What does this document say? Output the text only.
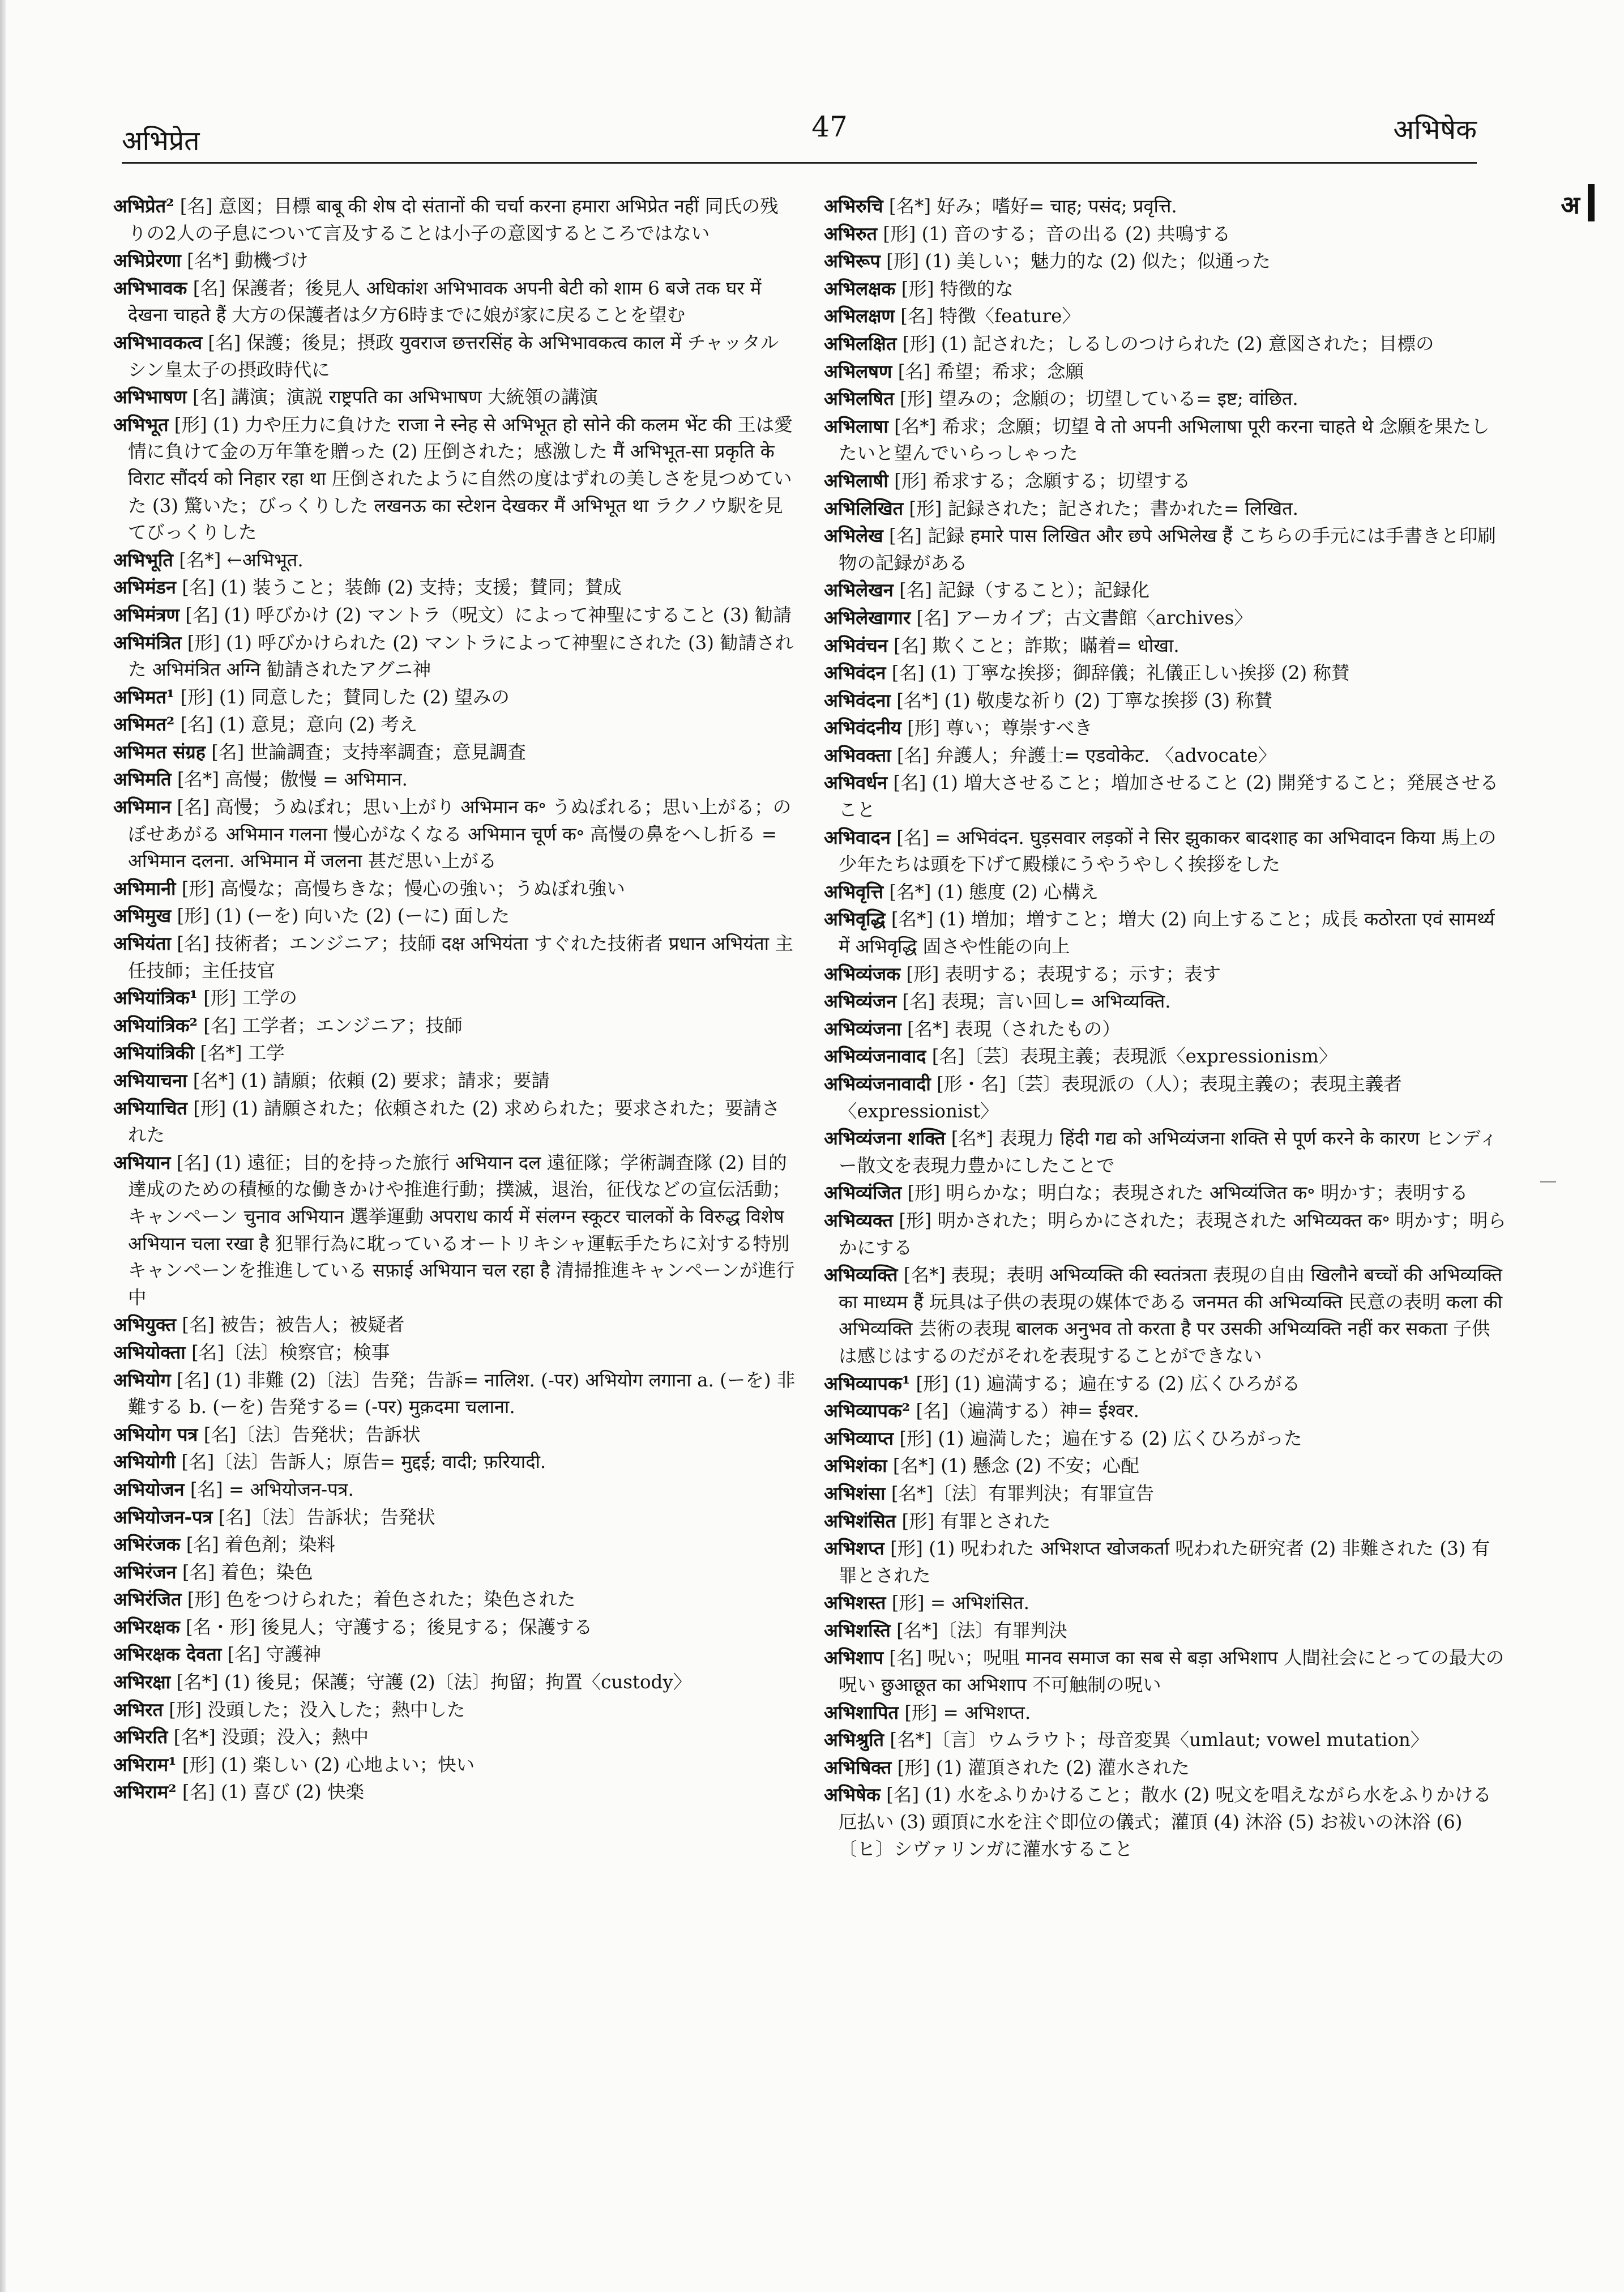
अभिप्रेत	47	अभिषेक
अ

अभिप्रेत² [名] 意図；目標 बाबू की शेष दो संतानों की चर्चा करना हमारा अभिप्रेत नहीं 同氏の残りの2人の子息について言及することは小子の意図するところではない

अभिप्रेरणा [名*] 動機づけ

अभिभावक [名] 保護者；後見人 अधिकांश अभिभावक अपनी बेटी को शाम 6 बजे तक घर में देखना चाहते हैं 大方の保護者は夕方6時までに娘が家に戻ることを望む

अभिभावकत्व [名] 保護；後見；摂政 युवराज छत्तरसिंह के अभिभावकत्व काल में チャッタルシン皇太子の摂政時代に

अभिभाषण [名] 講演；演説 राष्ट्रपति का अभिभाषण 大統領の講演

अभिभूत [形] (1) 力や圧力に負けた राजा ने स्नेह से अभिभूत हो सोने की कलम भेंट की 王は愛情に負けて金の万年筆を贈った (2) 圧倒された；感激した मैं अभिभूत-सा प्रकृति के विराट सौंदर्य को निहार रहा था 圧倒されたように自然の度はずれの美しさを見つめていた (3) 驚いた；びっくりした लखनऊ का स्टेशन देखकर मैं अभिभूत था ラクノウ駅を見てびっくりした

अभिभूति [名*] ←अभिभूत.

अभिमंडन [名] (1) 装うこと；装飾 (2) 支持；支援；賛同；賛成

अभिमंत्रण [名] (1) 呼びかけ (2) マントラ（呪文）によって神聖にすること (3) 勧請

अभिमंत्रित [形] (1) 呼びかけられた (2) マントラによって神聖にされた (3) 勧請された अभिमंत्रित अग्नि 勧請されたアグニ神

अभिमत¹ [形] (1) 同意した；賛同した (2) 望みの

अभिमत² [名] (1) 意見；意向 (2) 考え

अभिमत संग्रह [名] 世論調査；支持率調査；意見調査

अभिमति [名*] 高慢；傲慢 = अभिमान.

अभिमान [名] 高慢；うぬぼれ；思い上がり अभिमान क॰ うぬぼれる；思い上がる；のぼせあがる अभिमान गलना 慢心がなくなる अभिमान चूर्ण क॰ 高慢の鼻をへし折る = अभिमान दलना. अभिमान में जलना 甚だ思い上がる

अभिमानी [形] 高慢な；高慢ちきな；慢心の強い；うぬぼれ強い

अभिमुख [形] (1) (ーを) 向いた (2) (ーに) 面した

अभियंता [名] 技術者；エンジニア；技師 दक्ष अभियंता すぐれた技術者 प्रधान अभियंता 主任技師；主任技官

अभियांत्रिक¹ [形] 工学の

अभियांत्रिक² [名] 工学者；エンジニア；技師

अभियांत्रिकी [名*] 工学

अभियाचना [名*] (1) 請願；依頼 (2) 要求；請求；要請

अभियाचित [形] (1) 請願された；依頼された (2) 求められた；要求された；要請された

अभियान [名] (1) 遠征；目的を持った旅行 अभियान दल 遠征隊；学術調査隊 (2) 目的達成のための積極的な働きかけや推進行動；撲滅，退治，征伐などの宣伝活動；キャンペーン चुनाव अभियान 選挙運動 अपराध कार्य में संलग्न स्कूटर चालकों के विरुद्ध विशेष अभियान चला रखा है 犯罪行為に耽っているオートリキシャ運転手たちに対する特別キャンペーンを推進している सफ़ाई अभियान चल रहा है 清掃推進キャンペーンが進行中

अभियुक्त [名] 被告；被告人；被疑者

अभियोक्ता [名]〔法〕検察官；検事

अभियोग [名] (1) 非難 (2)〔法〕告発；告訴= नालिश. (-पर) अभियोग लगाना a. (ーを) 非難する b. (ーを) 告発する= (-पर) मुक़दमा चलाना.

अभियोग पत्र [名]〔法〕告発状；告訴状

अभियोगी [名]〔法〕告訴人；原告= मुद्दई; वादी; फ़रियादी.

अभियोजन [名] = अभियोजन-पत्र.

अभियोजन-पत्र [名]〔法〕告訴状；告発状

अभिरंजक [名] 着色剤；染料

अभिरंजन [名] 着色；染色

अभिरंजित [形] 色をつけられた；着色された；染色された

अभिरक्षक [名・形] 後見人；守護する；後見する；保護する

अभिरक्षक देवता [名] 守護神

अभिरक्षा [名*] (1) 後見；保護；守護 (2)〔法〕拘留；拘置〈custody〉

अभिरत [形] 没頭した；没入した；熱中した

अभिरति [名*] 没頭；没入；熱中

अभिराम¹ [形] (1) 楽しい (2) 心地よい；快い

अभिराम² [名] (1) 喜び (2) 快楽

अभिरुचि [名*] 好み；嗜好= चाह; पसंद; प्रवृत्ति.

अभिरुत [形] (1) 音のする；音の出る (2) 共鳴する

अभिरूप [形] (1) 美しい；魅力的な (2) 似た；似通った

अभिलक्षक [形] 特徴的な

अभिलक्षण [名] 特徴〈feature〉

अभिलक्षित [形] (1) 記された；しるしのつけられた (2) 意図された；目標の

अभिलषण [名] 希望；希求；念願

अभिलषित [形] 望みの；念願の；切望している= इष्ट; वांछित.

अभिलाषा [名*] 希求；念願；切望 वे तो अपनी अभिलाषा पूरी करना चाहते थे 念願を果たしたいと望んでいらっしゃった

अभिलाषी [形] 希求する；念願する；切望する

अभिलिखित [形] 記録された；記された；書かれた= लिखित.

अभिलेख [名] 記録 हमारे पास लिखित और छपे अभिलेख हैं こちらの手元には手書きと印刷物の記録がある

अभिलेखन [名] 記録（すること）；記録化

अभिलेखागार [名] アーカイブ；古文書館〈archives〉

अभिवंचन [名] 欺くこと；詐欺；瞞着= धोखा.

अभिवंदन [名] (1) 丁寧な挨拶；御辞儀；礼儀正しい挨拶 (2) 称賛

अभिवंदना [名*] (1) 敬虔な祈り (2) 丁寧な挨拶 (3) 称賛

अभिवंदनीय [形] 尊い；尊崇すべき

अभिवक्ता [名] 弁護人；弁護士= एडवोकेट. 〈advocate〉

अभिवर्धन [名] (1) 増大させること；増加させること (2) 開発すること；発展させること

अभिवादन [名] = अभिवंदन. घुड़सवार लड़कों ने सिर झुकाकर बादशाह का अभिवादन किया 馬上の少年たちは頭を下げて殿様にうやうやしく挨拶をした

अभिवृत्ति [名*] (1) 態度 (2) 心構え

अभिवृद्धि [名*] (1) 増加；増すこと；増大 (2) 向上すること；成長 कठोरता एवं सामर्थ्य में अभिवृद्धि 固さや性能の向上

अभिव्यंजक [形] 表明する；表現する；示す；表す

अभिव्यंजन [名] 表現；言い回し= अभिव्यक्ति.

अभिव्यंजना [名*] 表現（されたもの）

अभिव्यंजनावाद [名]〔芸〕表現主義；表現派〈expressionism〉

अभिव्यंजनावादी [形・名]〔芸〕表現派の（人）；表現主義の；表現主義者〈expressionist〉

अभिव्यंजना शक्ति [名*] 表現力 हिंदी गद्य को अभिव्यंजना शक्ति से पूर्ण करने के कारण ヒンディー散文を表現力豊かにしたことで

अभिव्यंजित [形] 明らかな；明白な；表現された अभिव्यंजित क॰ 明かす；表明する

अभिव्यक्त [形] 明かされた；明らかにされた；表現された अभिव्यक्त क॰ 明かす；明らかにする

अभिव्यक्ति [名*] 表現；表明 अभिव्यक्ति की स्वतंत्रता 表現の自由 खिलौने बच्चों की अभिव्यक्ति का माध्यम हैं 玩具は子供の表現の媒体である जनमत की अभिव्यक्ति 民意の表明 कला की अभिव्यक्ति 芸術の表現 बालक अनुभव तो करता है पर उसकी अभिव्यक्ति नहीं कर सकता 子供は感じはするのだがそれを表現することができない

अभिव्यापक¹ [形] (1) 遍満する；遍在する (2) 広くひろがる

अभिव्यापक² [名]（遍満する）神= ईश्वर.

अभिव्याप्त [形] (1) 遍満した；遍在する (2) 広くひろがった

अभिशंका [名*] (1) 懸念 (2) 不安；心配

अभिशंसा [名*]〔法〕有罪判決；有罪宣告

अभिशंसित [形] 有罪とされた

अभिशप्त [形] (1) 呪われた अभिशप्त खोजकर्ता 呪われた研究者 (2) 非難された (3) 有罪とされた

अभिशस्त [形] = अभिशंसित.

अभिशस्ति [名*]〔法〕有罪判決

अभिशाप [名] 呪い；呪咀 मानव समाज का सब से बड़ा अभिशाप 人間社会にとっての最大の呪い छुआछूत का अभिशाप 不可触制の呪い

अभिशापित [形] = अभिशप्त.

अभिश्रुति [名*]〔言〕ウムラウト；母音変異〈umlaut; vowel mutation〉

अभिषिक्त [形] (1) 灌頂された (2) 灌水された

अभिषेक [名] (1) 水をふりかけること；散水 (2) 呪文を唱えながら水をふりかける厄払い (3) 頭頂に水を注ぐ即位の儀式；灌頂 (4) 沐浴 (5) お祓いの沐浴 (6)〔ヒ〕シヴァリンガに灌水すること
